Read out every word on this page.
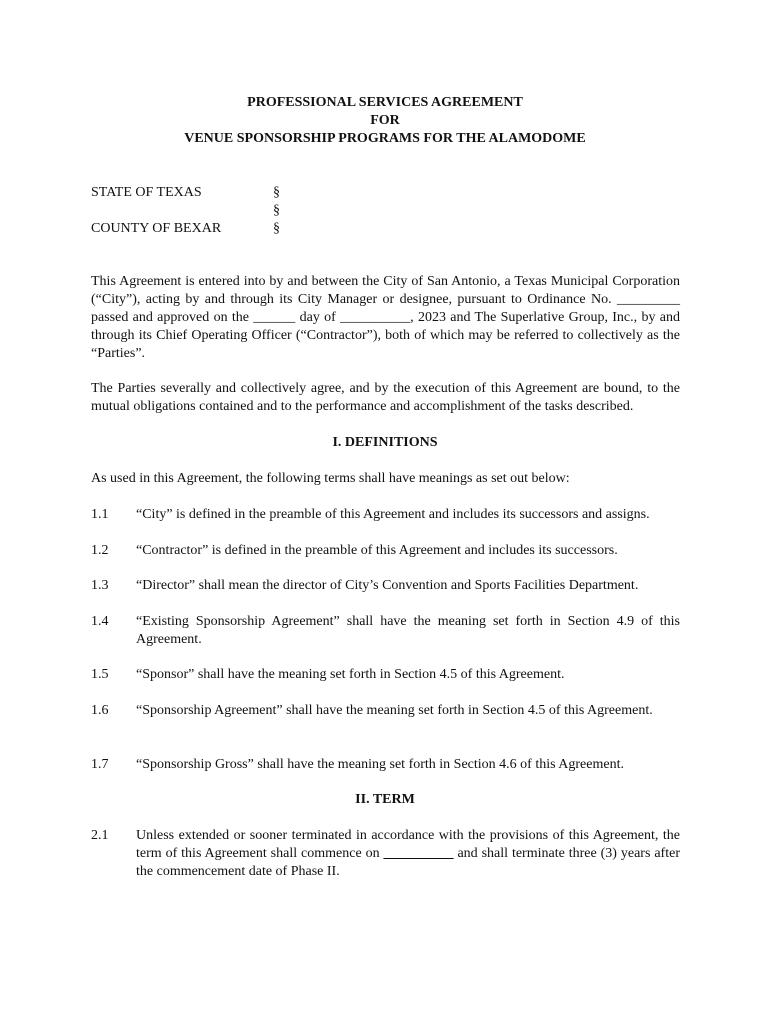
PROFESSIONAL SERVICES AGREEMENT
FOR
VENUE SPONSORSHIP PROGRAMS FOR THE ALAMODOME
STATE OF TEXAS	§
§
COUNTY OF BEXAR	§
This Agreement is entered into by and between the City of San Antonio, a Texas Municipal Corporation (“City”), acting by and through its City Manager or designee, pursuant to Ordinance No. _________ passed and approved on the ______ day of __________, 2023 and The Superlative Group, Inc., by and through its Chief Operating Officer (“Contractor”), both of which may be referred to collectively as the “Parties”.
The Parties severally and collectively agree, and by the execution of this Agreement are bound, to the mutual obligations contained and to the performance and accomplishment of the tasks described.
I. DEFINITIONS
As used in this Agreement, the following terms shall have meanings as set out below:
1.1 “City” is defined in the preamble of this Agreement and includes its successors and assigns.
1.2 “Contractor” is defined in the preamble of this Agreement and includes its successors.
1.3 “Director” shall mean the director of City’s Convention and Sports Facilities Department.
1.4 “Existing Sponsorship Agreement” shall have the meaning set forth in Section 4.9 of this Agreement.
1.5 “Sponsor” shall have the meaning set forth in Section 4.5 of this Agreement.
1.6 “Sponsorship Agreement” shall have the meaning set forth in Section 4.5 of this Agreement.
1.7 “Sponsorship Gross” shall have the meaning set forth in Section 4.6 of this Agreement.
II. TERM
2.1 Unless extended or sooner terminated in accordance with the provisions of this Agreement, the term of this Agreement shall commence on __________ and shall terminate three (3) years after the commencement date of Phase II.
